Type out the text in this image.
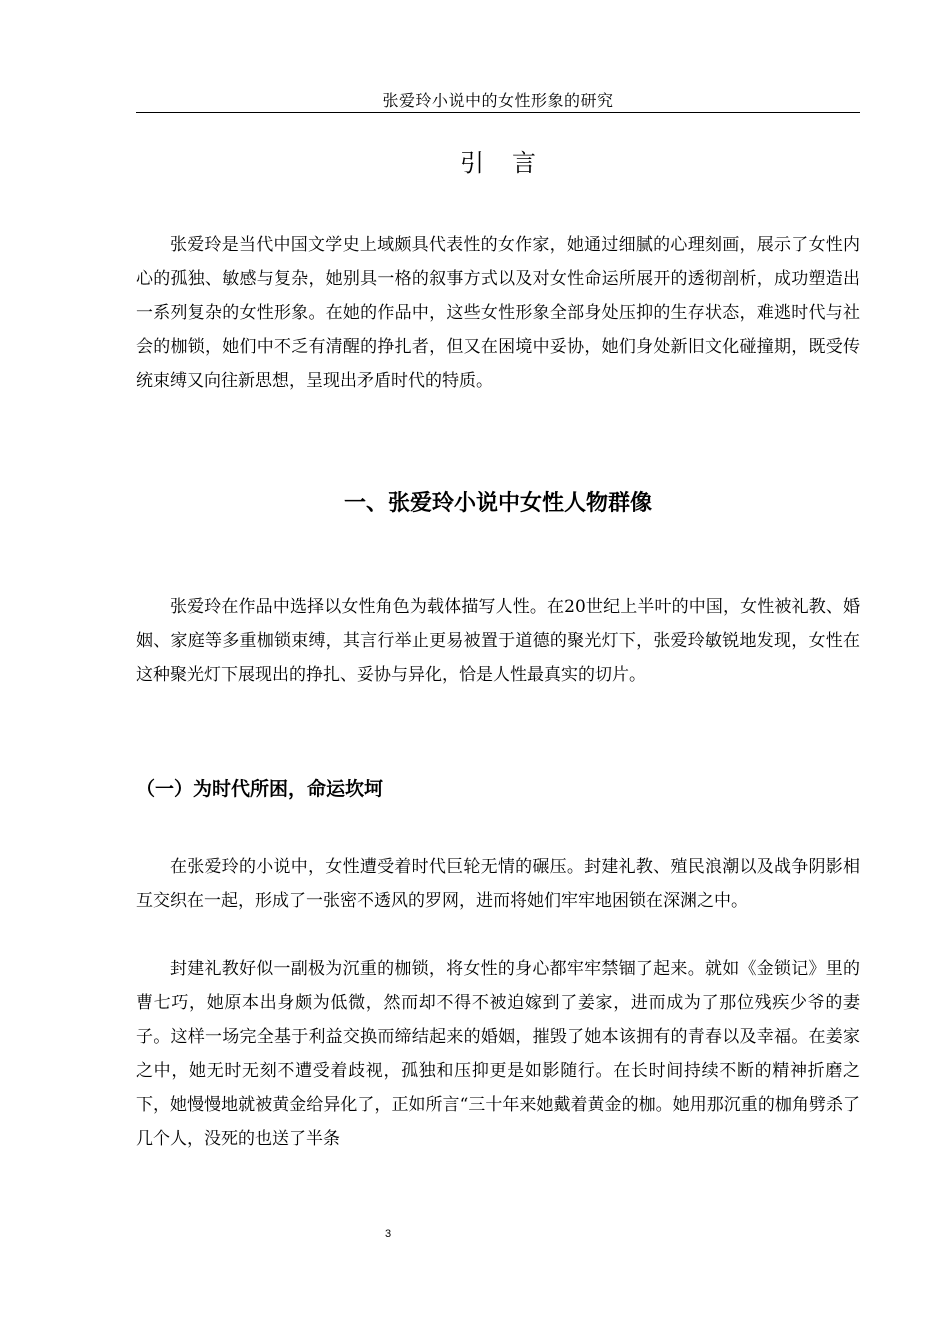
张爱玲小说中的女性形象的研究
引言

张爱玲是当代中国文学史上域颇具代表性的女作家，她通过细腻的心理刻画，展示了女性内心的孤独、敏感与复杂，她别具一格的叙事方式以及对女性命运所展开的透彻剖析，成功塑造出一系列复杂的女性形象。在她的作品中，这些女性形象全部身处压抑的生存状态，难逃时代与社会的枷锁，她们中不乏有清醒的挣扎者，但又在困境中妥协，她们身处新旧文化碰撞期，既受传统束缚又向往新思想，呈现出矛盾时代的特质。

一、张爱玲小说中女性人物群像

张爱玲在作品中选择以女性角色为载体描写人性。在20世纪上半叶的中国，女性被礼教、婚姻、家庭等多重枷锁束缚，其言行举止更易被置于道德的聚光灯下，张爱玲敏锐地发现，女性在这种聚光灯下展现出的挣扎、妥协与异化，恰是人性最真实的切片。

（一）为时代所困，命运坎坷

在张爱玲的小说中，女性遭受着时代巨轮无情的碾压。封建礼教、殖民浪潮以及战争阴影相互交织在一起，形成了一张密不透风的罗网，进而将她们牢牢地困锁在深渊之中。

封建礼教好似一副极为沉重的枷锁，将女性的身心都牢牢禁锢了起来。就如《金锁记》里的曹七巧，她原本出身颇为低微，然而却不得不被迫嫁到了姜家，进而成为了那位残疾少爷的妻子。这样一场完全基于利益交换而缔结起来的婚姻，摧毁了她本该拥有的青春以及幸福。在姜家之中，她无时无刻不遭受着歧视，孤独和压抑更是如影随行。在长时间持续不断的精神折磨之下，她慢慢地就被黄金给异化了，正如所言“三十年来她戴着黄金的枷。她用那沉重的枷角劈杀了几个人，没死的也送了半条

3
